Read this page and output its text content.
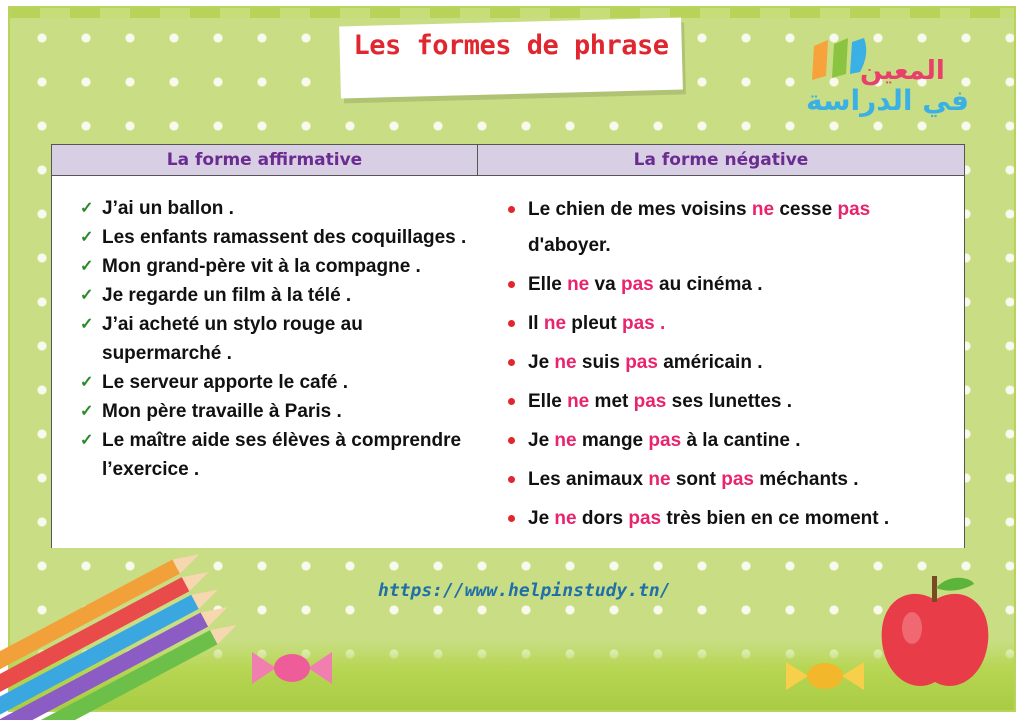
Les formes de phrase
المعين
في الدراسة
La forme affirmative	La forme négative
✓ J’ai un ballon .
✓ Les enfants ramassent des coquillages .
✓ Mon grand-père vit à la compagne .
✓ Je regarde un film à la télé .
✓ J’ai acheté un stylo rouge au supermarché .
✓ Le serveur apporte le café .
✓ Mon père travaille à Paris .
✓ Le maître aide ses élèves à comprendre l’exercice .
Le chien de mes voisins ne cesse pas d'aboyer.
Elle ne va pas au cinéma .
Il ne pleut pas .
Je ne suis pas américain .
Elle ne met pas ses lunettes .
Je ne mange pas à la cantine .
Les animaux ne sont pas méchants .
Je ne dors pas très bien en ce moment .
https://www.helpinstudy.tn/
